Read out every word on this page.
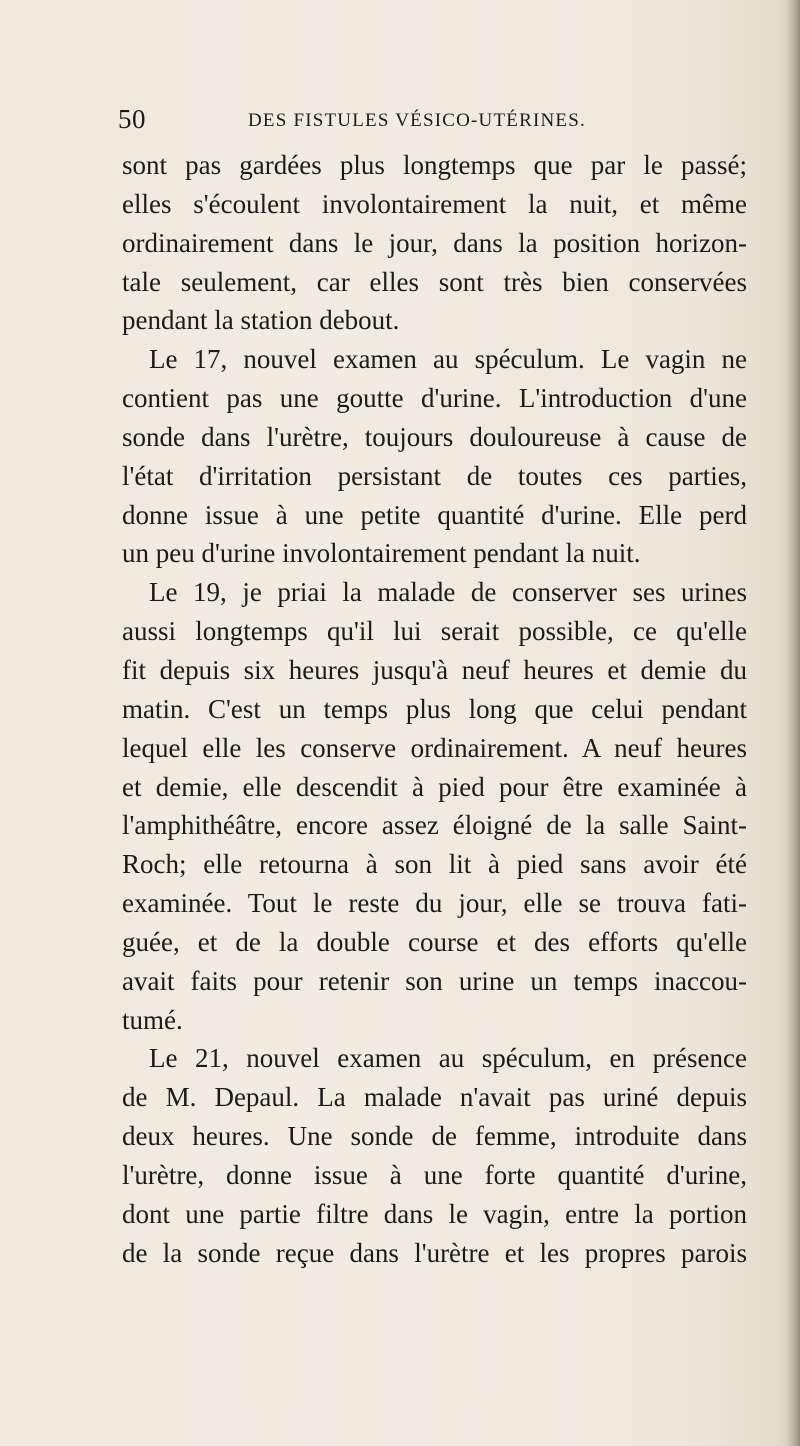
50	DES FISTULES VÉSICO-UTÉRINES.
sont pas gardées plus longtemps que par le passé;
elles s'écoulent involontairement la nuit, et même
ordinairement dans le jour, dans la position horizon-
tale seulement, car elles sont très bien conservées
pendant la station debout.
Le 17, nouvel examen au spéculum. Le vagin ne
contient pas une goutte d'urine. L'introduction d'une
sonde dans l'urètre, toujours douloureuse à cause de
l'état d'irritation persistant de toutes ces parties,
donne issue à une petite quantité d'urine. Elle perd
un peu d'urine involontairement pendant la nuit.
Le 19, je priai la malade de conserver ses urines
aussi longtemps qu'il lui serait possible, ce qu'elle
fit depuis six heures jusqu'à neuf heures et demie du
matin. C'est un temps plus long que celui pendant
lequel elle les conserve ordinairement. A neuf heures
et demie, elle descendit à pied pour être examinée à
l'amphithéâtre, encore assez éloigné de la salle Saint-
Roch; elle retourna à son lit à pied sans avoir été
examinée. Tout le reste du jour, elle se trouva fati-
guée, et de la double course et des efforts qu'elle
avait faits pour retenir son urine un temps inaccou-
tumé.
Le 21, nouvel examen au spéculum, en présence
de M. Depaul. La malade n'avait pas uriné depuis
deux heures. Une sonde de femme, introduite dans
l'urètre, donne issue à une forte quantité d'urine,
dont une partie filtre dans le vagin, entre la portion
de la sonde reçue dans l'urètre et les propres parois
